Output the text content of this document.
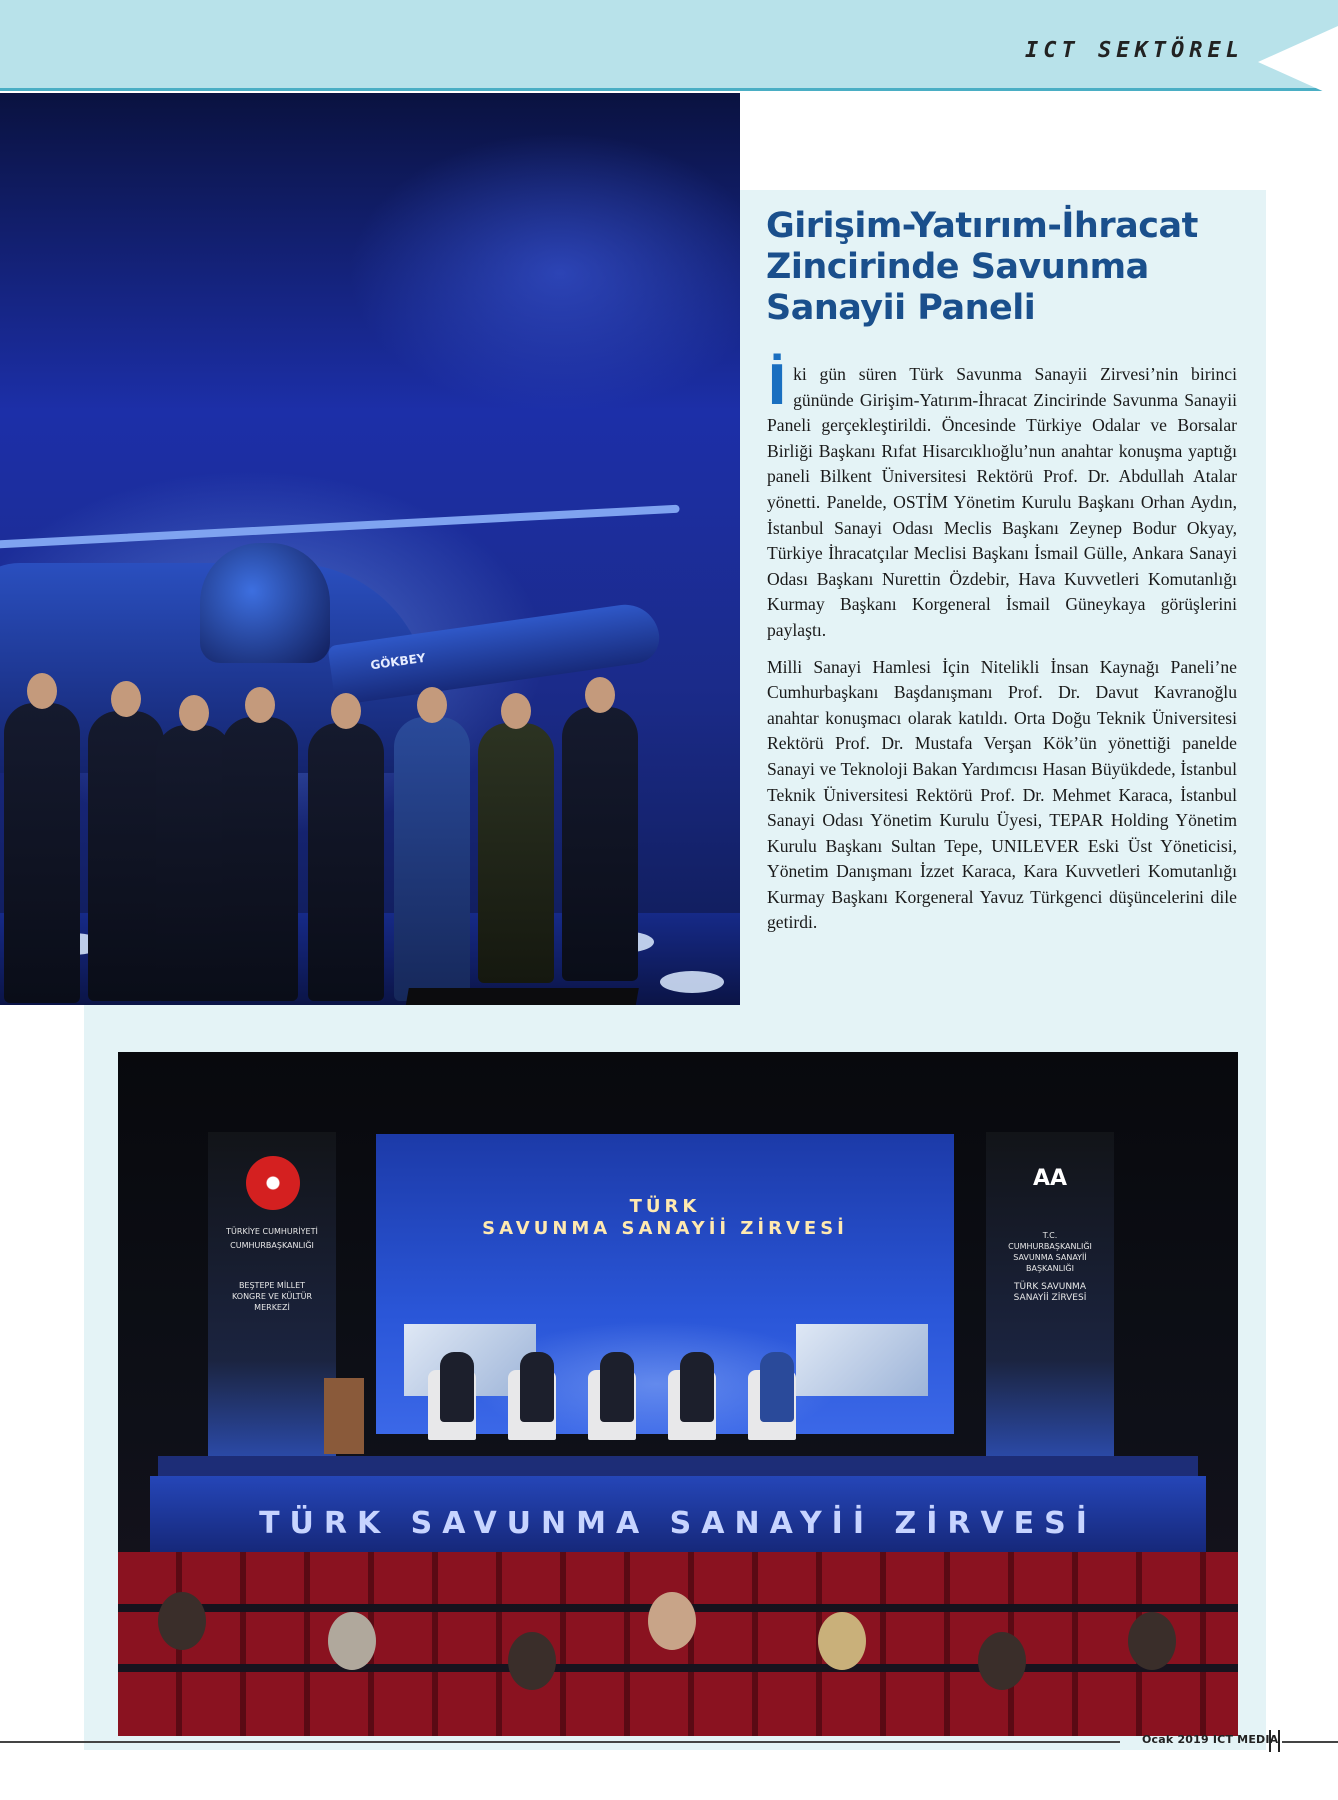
ICT SEKTÖREL
GÖKBEY
Girişim-Yatırım-İhracat Zincirinde Savunma Sanayii Paneli

İki gün süren Türk Savunma Sanayii Zirvesi’nin birinci gününde Girişim-Yatırım-İhracat Zincirinde Savunma Sanayii Paneli gerçekleştirildi. Öncesinde Türkiye Odalar ve Borsalar Birliği Başkanı Rıfat Hisarcıklıoğlu’nun anahtar konuşma yaptığı paneli Bilkent Üniversitesi Rektörü Prof. Dr. Abdullah Atalar yönetti. Panelde, OSTİM Yönetim Kurulu Başkanı Orhan Aydın, İstanbul Sanayi Odası Meclis Başkanı Zeynep Bodur Okyay, Türkiye İhracatçılar Meclisi Başkanı İsmail Gülle, Ankara Sanayi Odası Başkanı Nurettin Özdebir, Hava Kuvvetleri Komutanlığı Kurmay Başkanı Korgeneral İsmail Güneykaya görüşlerini paylaştı.

Milli Sanayi Hamlesi İçin Nitelikli İnsan Kaynağı Paneli’ne Cumhurbaşkanı Başdanışmanı Prof. Dr. Davut Kavranoğlu anahtar konuşmacı olarak katıldı. Orta Doğu Teknik Üniversitesi Rektörü Prof. Dr. Mustafa Verşan Kök’ün yönettiği panelde Sanayi ve Teknoloji Bakan Yardımcısı Hasan Büyükdede, İstanbul Teknik Üniversitesi Rektörü Prof. Dr. Mehmet Karaca, İstanbul Sanayi Odası Yönetim Kurulu Üyesi, TEPAR Holding Yönetim Kurulu Başkanı Sultan Tepe, UNILEVER Eski Üst Yöneticisi, Yönetim Danışmanı İzzet Karaca, Kara Kuvvetleri Komutanlığı Kurmay Başkanı Korgeneral Yavuz Türkgenci düşüncelerini dile getirdi.

TÜRKİYE CUMHURİYETİ
CUMHURBAŞKANLIĞI
BEŞTEPE MİLLET KONGRE VE KÜLTÜR MERKEZİ
AA
T.C. CUMHURBAŞKANLIĞI SAVUNMA SANAYİİ BAŞKANLIĞI
TÜRK SAVUNMA SANAYİİ ZİRVESİ
TÜRK
SAVUNMA SANAYİİ ZİRVESİ
TÜRK SAVUNMA SANAYİİ ZİRVESİ
Ocak 2019 ICT MEDIA
